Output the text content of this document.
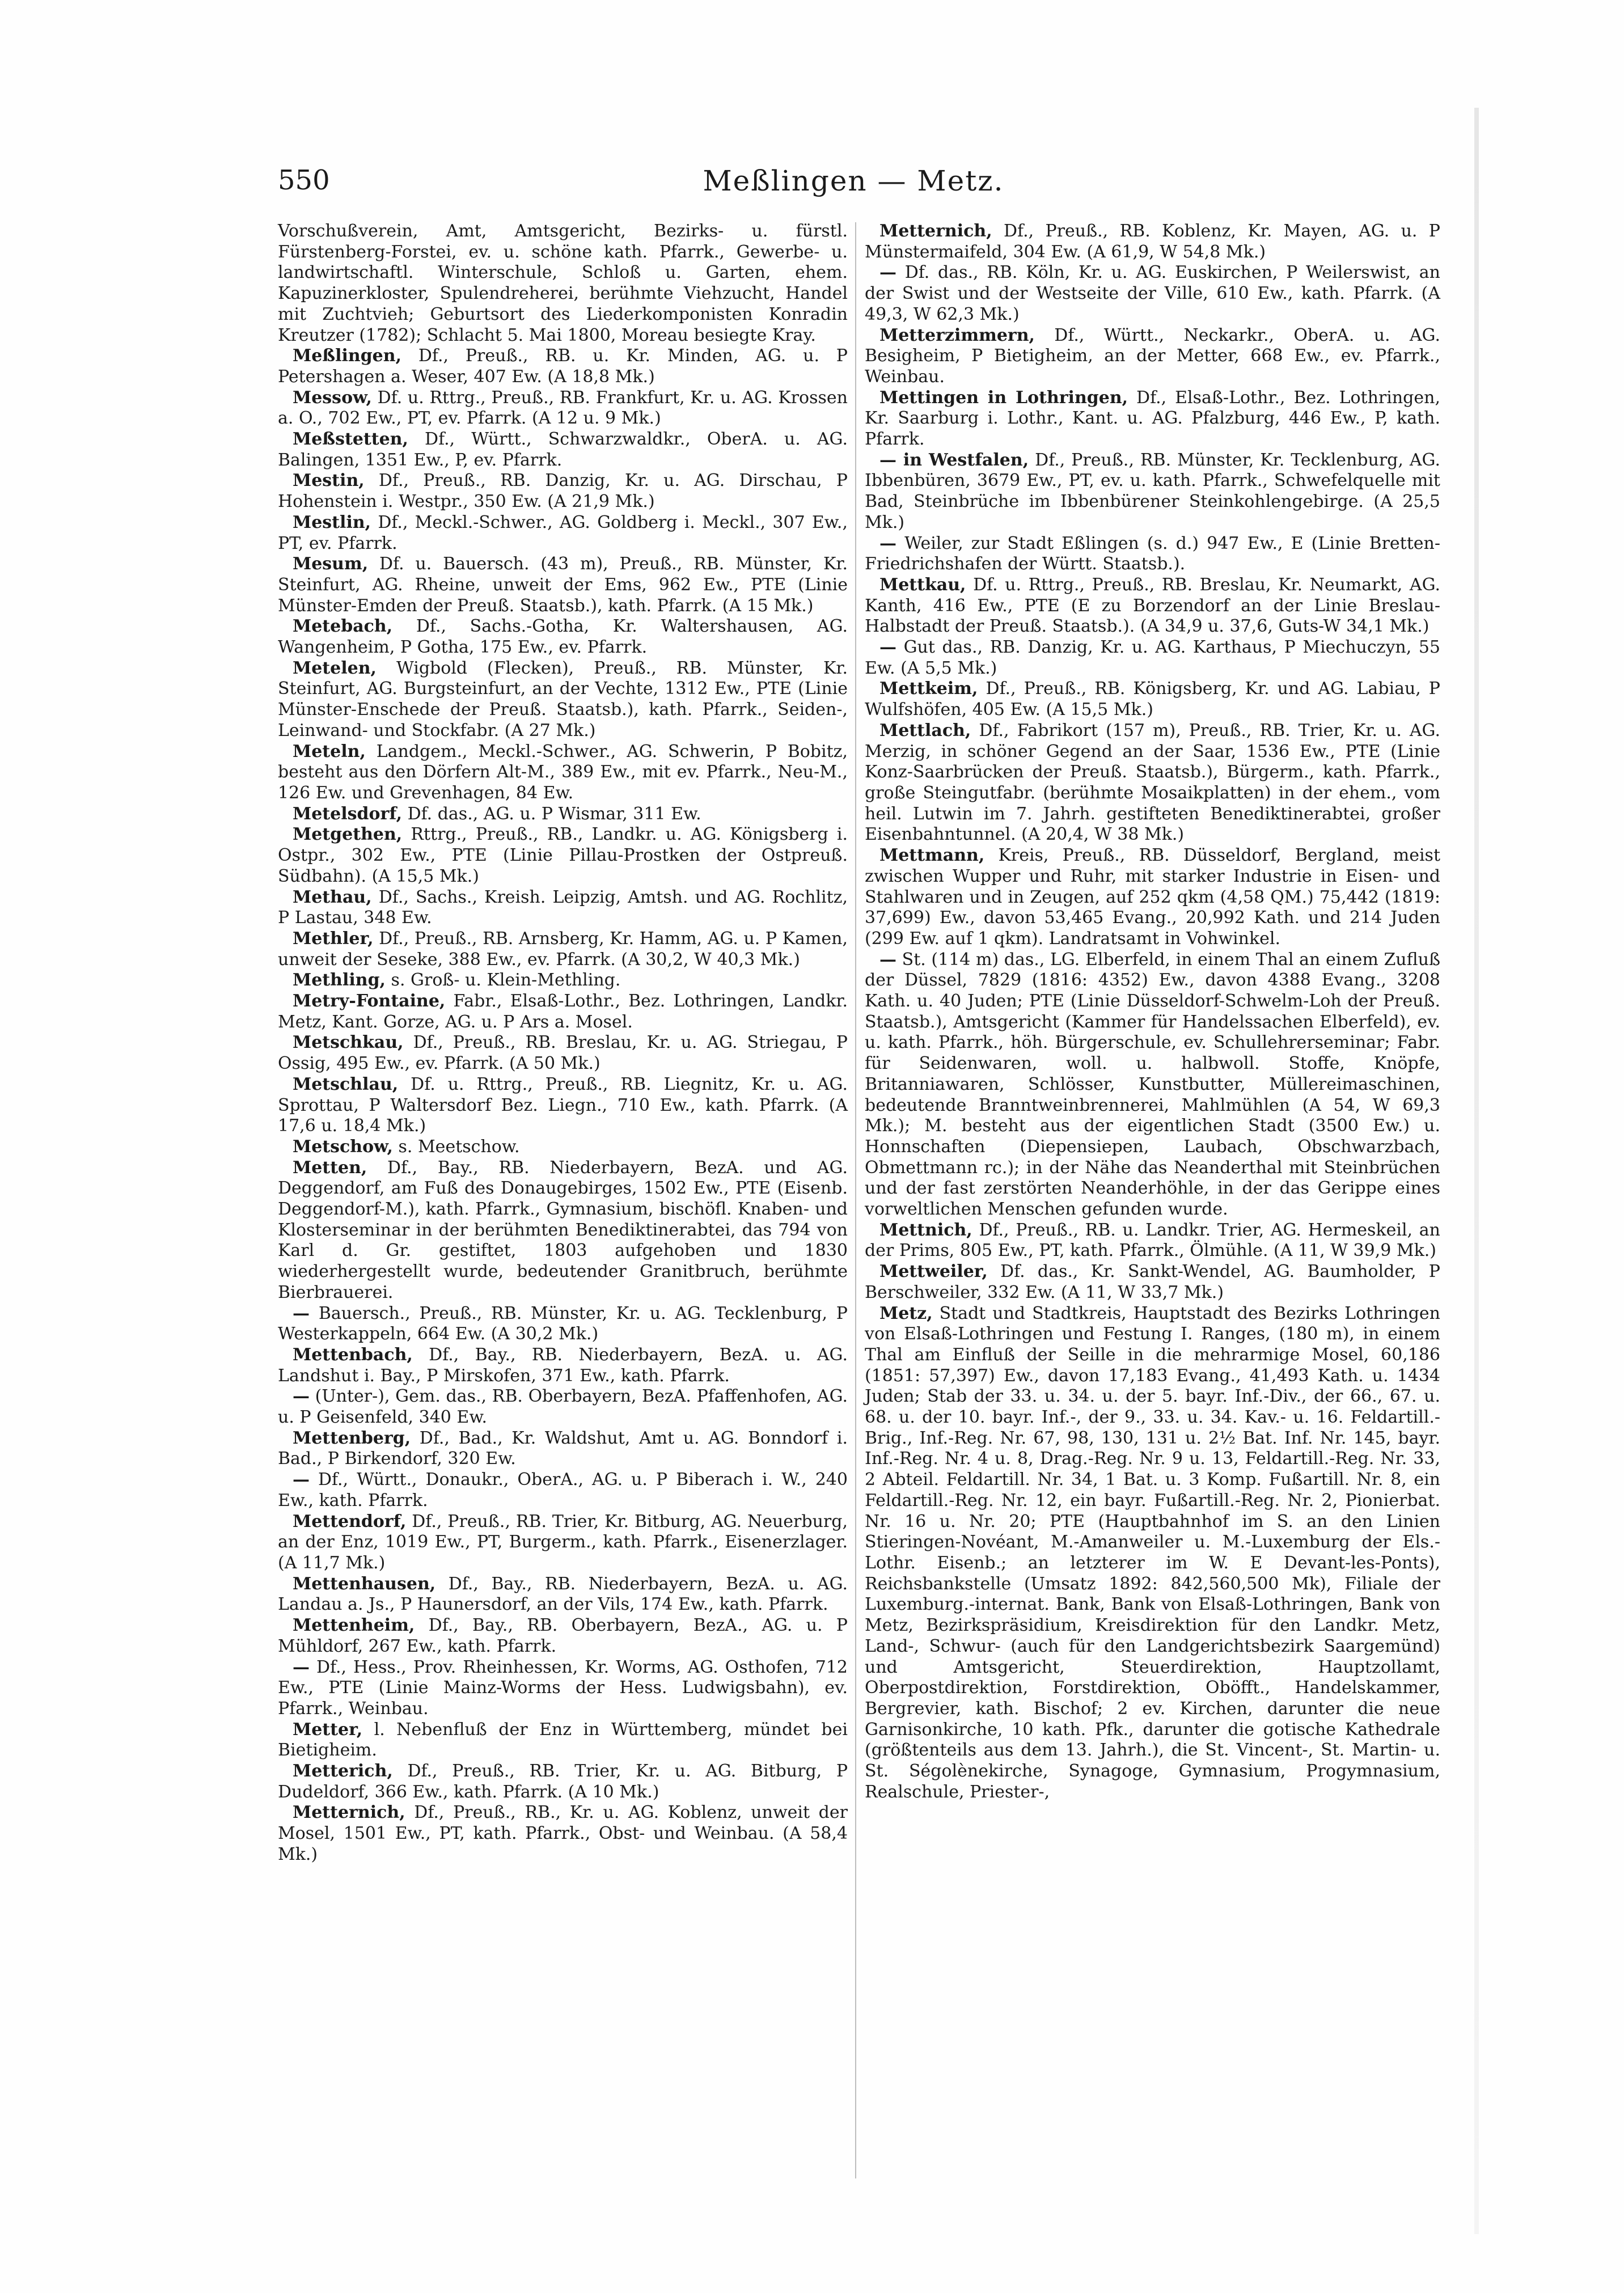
550	Meßlingen — Metz.

Vorschußverein, Amt, Amtsgericht, Bezirks- u. fürstl. Fürstenberg-Forstei, ev. u. schöne kath. Pfarrk., Gewerbe- u. landwirtschaftl. Winterschule, Schloß u. Garten, ehem. Kapuzinerkloster, Spulendreherei, berühmte Viehzucht, Handel mit Zuchtvieh; Geburtsort des Liederkomponisten Konradin Kreutzer (1782); Schlacht 5. Mai 1800, Moreau besiegte Kray.

Meßlingen, Df., Preuß., RB. u. Kr. Minden, AG. u. P Petershagen a. Weser, 407 Ew. (A 18,8 Mk.)

Messow, Df. u. Rttrg., Preuß., RB. Frankfurt, Kr. u. AG. Krossen a. O., 702 Ew., PT, ev. Pfarrk. (A 12 u. 9 Mk.)

Meßstetten, Df., Württ., Schwarzwaldkr., OberA. u. AG. Balingen, 1351 Ew., P, ev. Pfarrk.

Mestin, Df., Preuß., RB. Danzig, Kr. u. AG. Dirschau, P Hohenstein i. Westpr., 350 Ew. (A 21,9 Mk.)

Mestlin, Df., Meckl.-Schwer., AG. Goldberg i. Meckl., 307 Ew., PT, ev. Pfarrk.

Mesum, Df. u. Bauersch. (43 m), Preuß., RB. Münster, Kr. Steinfurt, AG. Rheine, unweit der Ems, 962 Ew., PTE (Linie Münster-Emden der Preuß. Staatsb.), kath. Pfarrk. (A 15 Mk.)

Metebach, Df., Sachs.-Gotha, Kr. Waltershausen, AG. Wangenheim, P Gotha, 175 Ew., ev. Pfarrk.

Metelen, Wigbold (Flecken), Preuß., RB. Münster, Kr. Steinfurt, AG. Burgsteinfurt, an der Vechte, 1312 Ew., PTE (Linie Münster-Enschede der Preuß. Staatsb.), kath. Pfarrk., Seiden-, Leinwand- und Stockfabr. (A 27 Mk.)

Meteln, Landgem., Meckl.-Schwer., AG. Schwerin, P Bobitz, besteht aus den Dörfern Alt-M., 389 Ew., mit ev. Pfarrk., Neu-M., 126 Ew. und Grevenhagen, 84 Ew.

Metelsdorf, Df. das., AG. u. P Wismar, 311 Ew.

Metgethen, Rttrg., Preuß., RB., Landkr. u. AG. Königsberg i. Ostpr., 302 Ew., PTE (Linie Pillau-Prostken der Ostpreuß. Südbahn). (A 15,5 Mk.)

Methau, Df., Sachs., Kreish. Leipzig, Amtsh. und AG. Rochlitz, P Lastau, 348 Ew.

Methler, Df., Preuß., RB. Arnsberg, Kr. Hamm, AG. u. P Kamen, unweit der Seseke, 388 Ew., ev. Pfarrk. (A 30,2, W 40,3 Mk.)

Methling, s. Groß- u. Klein-Methling.

Metry-Fontaine, Fabr., Elsaß-Lothr., Bez. Lothringen, Landkr. Metz, Kant. Gorze, AG. u. P Ars a. Mosel.

Metschkau, Df., Preuß., RB. Breslau, Kr. u. AG. Striegau, P Ossig, 495 Ew., ev. Pfarrk. (A 50 Mk.)

Metschlau, Df. u. Rttrg., Preuß., RB. Liegnitz, Kr. u. AG. Sprottau, P Waltersdorf Bez. Liegn., 710 Ew., kath. Pfarrk. (A 17,6 u. 18,4 Mk.)

Metschow, s. Meetschow.

Metten, Df., Bay., RB. Niederbayern, BezA. und AG. Deggendorf, am Fuß des Donaugebirges, 1502 Ew., PTE (Eisenb. Deggendorf-M.), kath. Pfarrk., Gymnasium, bischöfl. Knaben- und Klosterseminar in der berühmten Benediktinerabtei, das 794 von Karl d. Gr. gestiftet, 1803 aufgehoben und 1830 wiederhergestellt wurde, bedeutender Granitbruch, berühmte Bierbrauerei.

— Bauersch., Preuß., RB. Münster, Kr. u. AG. Tecklenburg, P Westerkappeln, 664 Ew. (A 30,2 Mk.)

Mettenbach, Df., Bay., RB. Niederbayern, BezA. u. AG. Landshut i. Bay., P Mirskofen, 371 Ew., kath. Pfarrk.

— (Unter-), Gem. das., RB. Oberbayern, BezA. Pfaffenhofen, AG. u. P Geisenfeld, 340 Ew.

Mettenberg, Df., Bad., Kr. Waldshut, Amt u. AG. Bonndorf i. Bad., P Birkendorf, 320 Ew.

— Df., Württ., Donaukr., OberA., AG. u. P Biberach i. W., 240 Ew., kath. Pfarrk.

Mettendorf, Df., Preuß., RB. Trier, Kr. Bitburg, AG. Neuerburg, an der Enz, 1019 Ew., PT, Burgerm., kath. Pfarrk., Eisenerzlager. (A 11,7 Mk.)

Mettenhausen, Df., Bay., RB. Niederbayern, BezA. u. AG. Landau a. Js., P Haunersdorf, an der Vils, 174 Ew., kath. Pfarrk.

Mettenheim, Df., Bay., RB. Oberbayern, BezA., AG. u. P Mühldorf, 267 Ew., kath. Pfarrk.

— Df., Hess., Prov. Rheinhessen, Kr. Worms, AG. Osthofen, 712 Ew., PTE (Linie Mainz-Worms der Hess. Ludwigsbahn), ev. Pfarrk., Weinbau.

Metter, l. Nebenfluß der Enz in Württemberg, mündet bei Bietigheim.

Metterich, Df., Preuß., RB. Trier, Kr. u. AG. Bitburg, P Dudeldorf, 366 Ew., kath. Pfarrk. (A 10 Mk.)

Metternich, Df., Preuß., RB., Kr. u. AG. Koblenz, unweit der Mosel, 1501 Ew., PT, kath. Pfarrk., Obst- und Weinbau. (A 58,4 Mk.)

Metternich, Df., Preuß., RB. Koblenz, Kr. Mayen, AG. u. P Münstermaifeld, 304 Ew. (A 61,9, W 54,8 Mk.)

— Df. das., RB. Köln, Kr. u. AG. Euskirchen, P Weilerswist, an der Swist und der Westseite der Ville, 610 Ew., kath. Pfarrk. (A 49,3, W 62,3 Mk.)

Metterzimmern, Df., Württ., Neckarkr., OberA. u. AG. Besigheim, P Bietigheim, an der Metter, 668 Ew., ev. Pfarrk., Weinbau.

Mettingen in Lothringen, Df., Elsaß-Lothr., Bez. Lothringen, Kr. Saarburg i. Lothr., Kant. u. AG. Pfalzburg, 446 Ew., P, kath. Pfarrk.

— in Westfalen, Df., Preuß., RB. Münster, Kr. Tecklenburg, AG. Ibbenbüren, 3679 Ew., PT, ev. u. kath. Pfarrk., Schwefelquelle mit Bad, Steinbrüche im Ibbenbürener Steinkohlengebirge. (A 25,5 Mk.)

— Weiler, zur Stadt Eßlingen (s. d.) 947 Ew., E (Linie Bretten-Friedrichshafen der Württ. Staatsb.).

Mettkau, Df. u. Rttrg., Preuß., RB. Breslau, Kr. Neumarkt, AG. Kanth, 416 Ew., PTE (E zu Borzendorf an der Linie Breslau-Halbstadt der Preuß. Staatsb.). (A 34,9 u. 37,6, Guts-W 34,1 Mk.)

— Gut das., RB. Danzig, Kr. u. AG. Karthaus, P Miechuczyn, 55 Ew. (A 5,5 Mk.)

Mettkeim, Df., Preuß., RB. Königsberg, Kr. und AG. Labiau, P Wulfshöfen, 405 Ew. (A 15,5 Mk.)

Mettlach, Df., Fabrikort (157 m), Preuß., RB. Trier, Kr. u. AG. Merzig, in schöner Gegend an der Saar, 1536 Ew., PTE (Linie Konz-Saarbrücken der Preuß. Staatsb.), Bürgerm., kath. Pfarrk., große Steingutfabr. (berühmte Mosaikplatten) in der ehem., vom heil. Lutwin im 7. Jahrh. gestifteten Benediktinerabtei, großer Eisenbahntunnel. (A 20,4, W 38 Mk.)

Mettmann, Kreis, Preuß., RB. Düsseldorf, Bergland, meist zwischen Wupper und Ruhr, mit starker Industrie in Eisen- und Stahlwaren und in Zeugen, auf 252 qkm (4,58 QM.) 75,442 (1819: 37,699) Ew., davon 53,465 Evang., 20,992 Kath. und 214 Juden (299 Ew. auf 1 qkm). Landratsamt in Vohwinkel.

— St. (114 m) das., LG. Elberfeld, in einem Thal an einem Zufluß der Düssel, 7829 (1816: 4352) Ew., davon 4388 Evang., 3208 Kath. u. 40 Juden; PTE (Linie Düsseldorf-Schwelm-Loh der Preuß. Staatsb.), Amtsgericht (Kammer für Handelssachen Elberfeld), ev. u. kath. Pfarrk., höh. Bürgerschule, ev. Schullehrerseminar; Fabr. für Seidenwaren, woll. u. halbwoll. Stoffe, Knöpfe, Britanniawaren, Schlösser, Kunstbutter, Müllereimaschinen, bedeutende Branntweinbrennerei, Mahlmühlen (A 54, W 69,3 Mk.); M. besteht aus der eigentlichen Stadt (3500 Ew.) u. Honnschaften (Diepensiepen, Laubach, Obschwarzbach, Obmettmann rc.); in der Nähe das Neanderthal mit Steinbrüchen und der fast zerstörten Neanderhöhle, in der das Gerippe eines vorweltlichen Menschen gefunden wurde.

Mettnich, Df., Preuß., RB. u. Landkr. Trier, AG. Hermeskeil, an der Prims, 805 Ew., PT, kath. Pfarrk., Ölmühle. (A 11, W 39,9 Mk.)

Mettweiler, Df. das., Kr. Sankt-Wendel, AG. Baumholder, P Berschweiler, 332 Ew. (A 11, W 33,7 Mk.)

Metz, Stadt und Stadtkreis, Hauptstadt des Bezirks Lothringen von Elsaß-Lothringen und Festung I. Ranges, (180 m), in einem Thal am Einfluß der Seille in die mehrarmige Mosel, 60,186 (1851: 57,397) Ew., davon 17,183 Evang., 41,493 Kath. u. 1434 Juden; Stab der 33. u. 34. u. der 5. bayr. Inf.-Div., der 66., 67. u. 68. u. der 10. bayr. Inf.-, der 9., 33. u. 34. Kav.- u. 16. Feldartill.-Brig., Inf.-Reg. Nr. 67, 98, 130, 131 u. 2½ Bat. Inf. Nr. 145, bayr. Inf.-Reg. Nr. 4 u. 8, Drag.-Reg. Nr. 9 u. 13, Feldartill.-Reg. Nr. 33, 2 Abteil. Feldartill. Nr. 34, 1 Bat. u. 3 Komp. Fußartill. Nr. 8, ein Feldartill.-Reg. Nr. 12, ein bayr. Fußartill.-Reg. Nr. 2, Pionierbat. Nr. 16 u. Nr. 20; PTE (Hauptbahnhof im S. an den Linien Stieringen-Novéant, M.-Amanweiler u. M.-Luxemburg der Els.-Lothr. Eisenb.; an letzterer im W. E Devant-les-Ponts), Reichsbankstelle (Umsatz 1892: 842,560,500 Mk), Filiale der Luxemburg.-internat. Bank, Bank von Elsaß-Lothringen, Bank von Metz, Bezirkspräsidium, Kreisdirektion für den Landkr. Metz, Land-, Schwur- (auch für den Landgerichtsbezirk Saargemünd) und Amtsgericht, Steuerdirektion, Hauptzollamt, Oberpostdirektion, Forstdirektion, Oböfft., Handelskammer, Bergrevier, kath. Bischof; 2 ev. Kirchen, darunter die neue Garnisonkirche, 10 kath. Pfk., darunter die gotische Kathedrale (größtenteils aus dem 13. Jahrh.), die St. Vincent-, St. Martin- u. St. Ségolènekirche, Synagoge, Gymnasium, Progymnasium, Realschule, Priester-,
